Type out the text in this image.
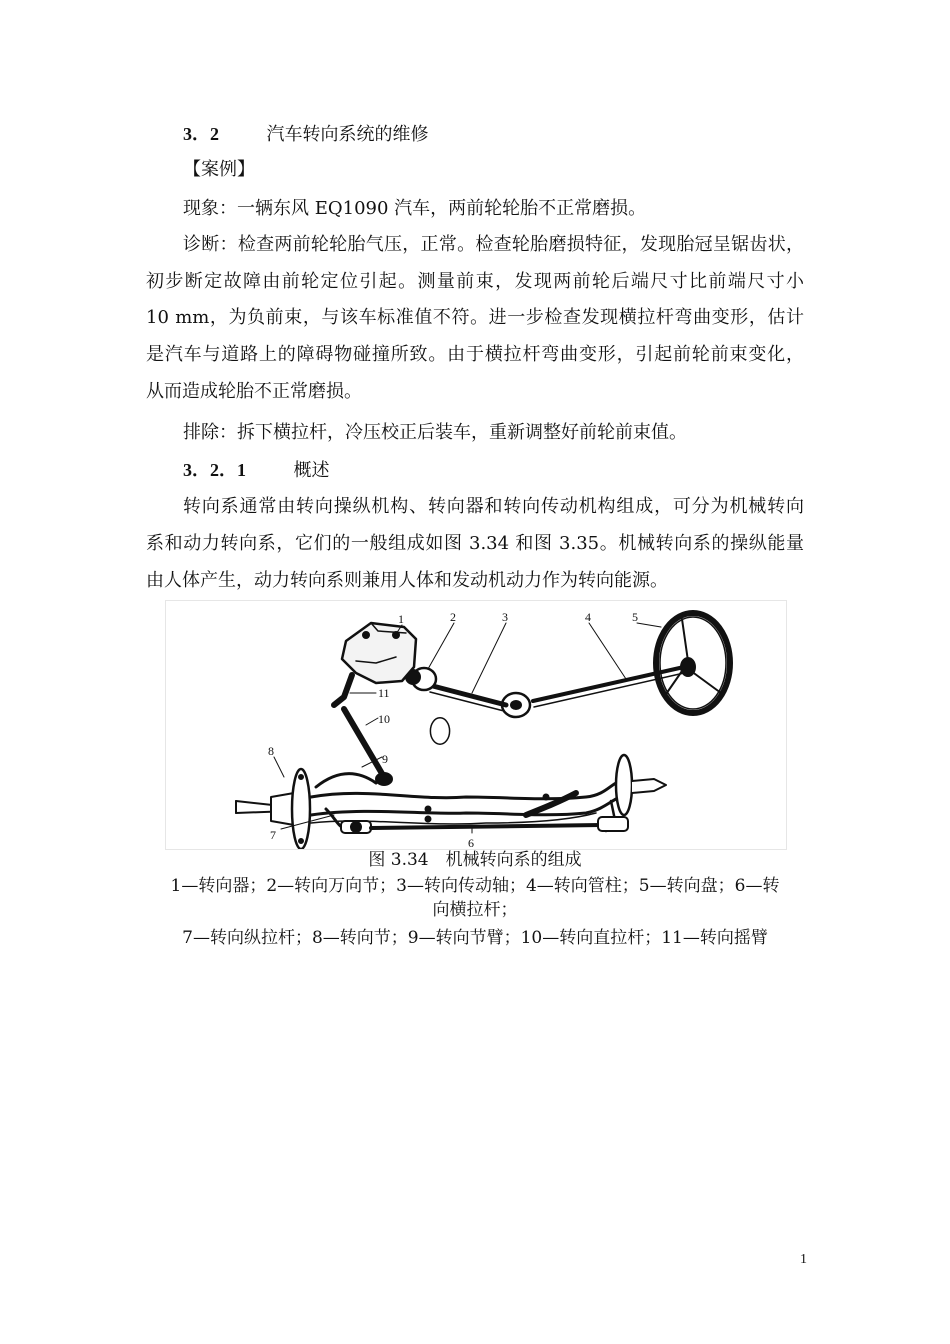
3．2	汽车转向系统的维修
【案例】
现象：一辆东风 EQ1090 汽车，两前轮轮胎不正常磨损。
诊断：检查两前轮轮胎气压，正常。检查轮胎磨损特征，发现胎冠呈锯齿状，
初步断定故障由前轮定位引起。测量前束，发现两前轮后端尺寸比前端尺寸小
10 mm，为负前束，与该车标准值不符。进一步检查发现横拉杆弯曲变形，估计
是汽车与道路上的障碍物碰撞所致。由于横拉杆弯曲变形，引起前轮前束变化，
从而造成轮胎不正常磨损。
排除：拆下横拉杆，冷压校正后装车，重新调整好前轮前束值。
3．2．1	概述
转向系通常由转向操纵机构、转向器和转向传动机构组成，可分为机械转向
系和动力转向系，它们的一般组成如图 3.34 和图 3.35。机械转向系的操纵能量
由人体产生，动力转向系则兼用人体和发动机动力作为转向能源。
1	2	3	4	5
6
7
8
9
10
11
图 3.34　机械转向系的组成
1—转向器；2—转向万向节；3—转向传动轴；4—转向管柱；5—转向盘；6—转
向横拉杆；
7—转向纵拉杆；8—转向节；9—转向节臂；10—转向直拉杆；11—转向摇臂
1
